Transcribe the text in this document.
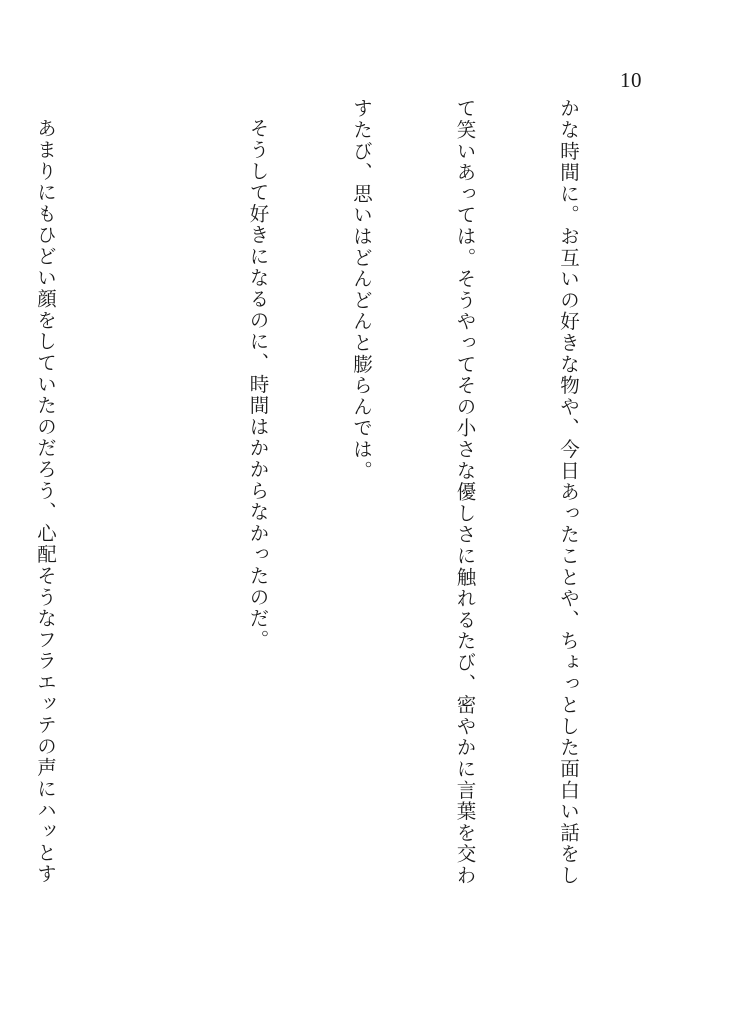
10

かな時間に。お互いの好きな物や、今日あったことや、ちょっとした面白い話をし

て笑いあっては。そうやってその小さな優しさに触れるたび、密やかに言葉を交わ

すたび、思いはどんどんと膨らんでは。

そうして好きになるのに、時間はかからなかったのだ。

あまりにもひどい顔をしていたのだろう、心配そうなフラエッテの声にハッとす
